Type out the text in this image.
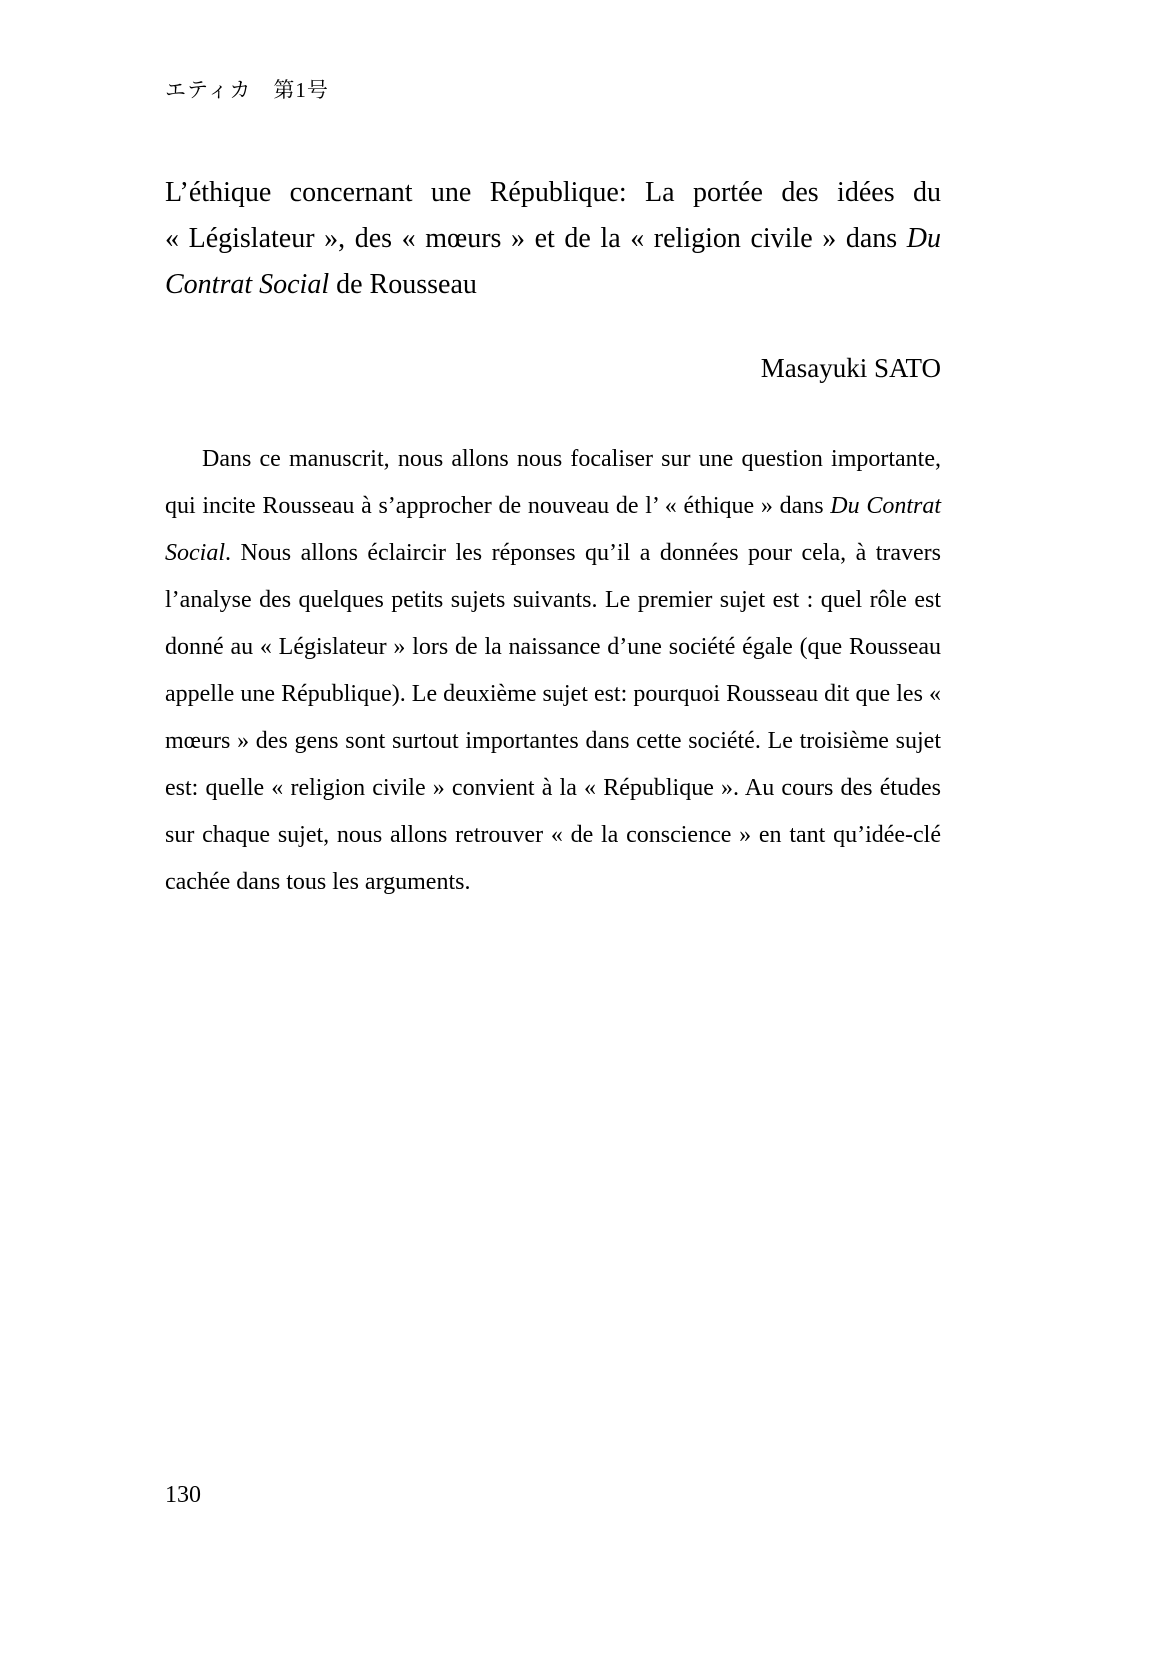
エティカ　第1号
L’éthique concernant une République: La portée des idées du
« Législateur », des « mœurs » et de la « religion civile » dans Du
Contrat Social de Rousseau
Masayuki SATO

Dans ce manuscrit, nous allons nous focaliser sur une question importante, qui incite Rousseau à s’approcher de nouveau de l’ « éthique » dans Du Contrat Social. Nous allons éclaircir les réponses qu’il a données pour cela, à travers l’analyse des quelques petits sujets suivants. Le premier sujet est : quel rôle est donné au « Législateur » lors de la naissance d’une société égale (que Rousseau appelle une République). Le deuxième sujet est: pourquoi Rousseau dit que les « mœurs » des gens sont surtout importantes dans cette société. Le troisième sujet est: quelle « religion civile » convient à la « République ». Au cours des études sur chaque sujet, nous allons retrouver « de la conscience » en tant qu’idée-clé cachée dans tous les arguments.

130
